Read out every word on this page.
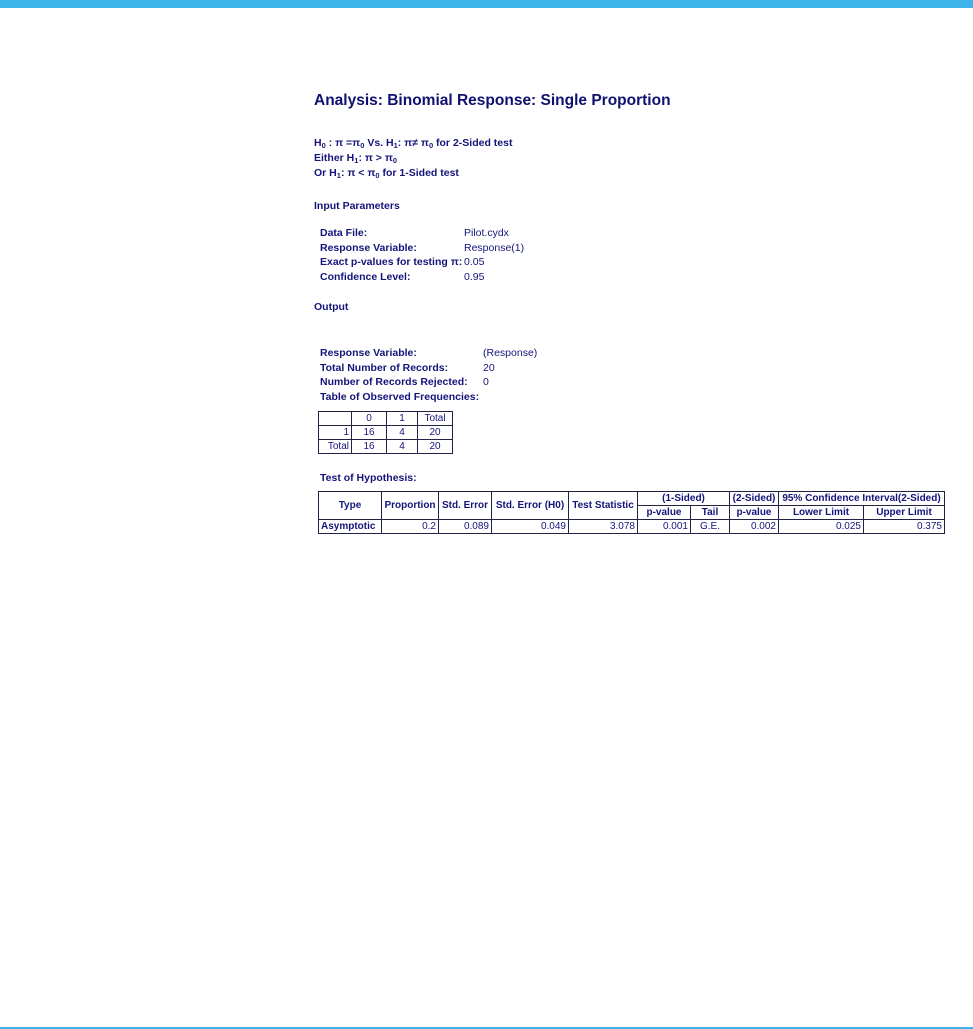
Analysis: Binomial Response: Single Proportion
$H_0$ : $\pi =\pi_0$ Vs. $H_1$: $\pi\ne \pi_0$ for 2-Sided test
Either $H_1$: $\pi > \pi_0$
Or $H_1$: $\pi < \pi_0$ for 1-Sided test
Input Parameters
Data File:	Pilot.cydx
Response Variable:	Response(1)
Exact p-values for testing π: 0.05
Confidence Level:	0.95
Output
Response Variable:	(Response)
Total Number of Records:	20
Number of Records Rejected:	0
Table of Observed Frequencies:
	0	1	Total
1	16	4	20
Total	16	4	20
Test of Hypothesis:
Type	Proportion	Std. Error	Std. Error (H0)	Test Statistic	(1-Sided)		(2-Sided)	95% Confidence Interval(2-Sided)	
					p-value	Tail	p-value	Lower Limit	Upper Limit
Asymptotic	0.2	0.089	0.049	3.078	0.001	G.E.	0.002	0.025	0.375
